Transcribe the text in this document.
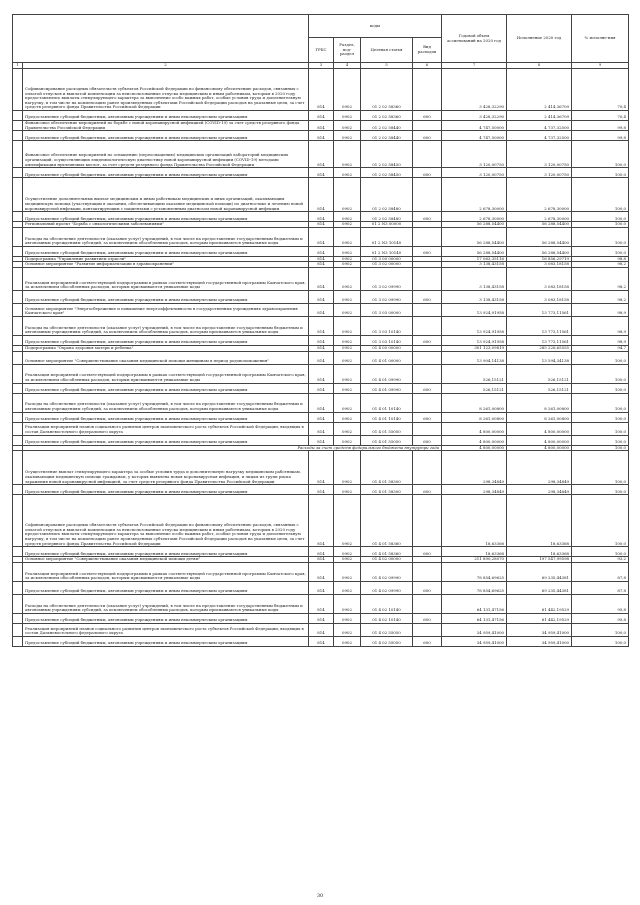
		коды				Годовой объем ассигнований на 2020 год	Исполнение 2020 год	% исполне-ния
		ГРБС	Раздел, под-раздел	Целевая статья	Вид расходов			
1	2	3	4	5	6	7	8	9
	Софинансирование расходных обязательств субъектов Российской Федерации по финансовому обеспечению расходов, связанных с оплатой отпусков и выплатой компенсации за неиспользованные отпуска медицинским и иным работникам, которым в 2020 году предоставлялись выплаты стимулирующего характера за выполнение особо важных работ, особые условия труда и дополнительную нагрузку, в том числе на компенсацию ранее произведенных субъектами Российской Федерации расходов на указанные цели, за счет средств резервного фонда Правительства Российской Федерации	814	0902	01 2 02 58360		3 428,32290	2 414,36709	70,4
	Предоставление субсидий бюджетным, автономным учреждениям и иным некоммерческим организациям	814	0902	01 2 02 58360	600	3 428,32290	2 414,36709	70,4
	Финансовое обеспечение мероприятий по борьбе с новой коронавирусной инфекцией (COVID-19) за счет средств резервного фонда Правительства Российской Федерации	814	0902	01 2 02 58440		4 747,50000	4 737,32500	99,8
	Предоставление субсидий бюджетным, автономным учреждениям и иным некоммерческим организациям	814	0902	01 2 02 58440	600	4 747,50000	4 737,32500	99,8
	Финансовое обеспечение мероприятий по оснащению (переоснащению) медицинских организаций лабораторий медицинских организаций, осуществляющих эпидемиологическую диагностику новой коронавирусной инфекции (COVID-19) методами амплификации нуклеиновых кислот, за счет средств резервного фонда Правительства Российской Федерации	814	0902	01 2 02 58450		3 120,00750	3 120,00750	100,0
	Предоставление субсидий бюджетным, автономным учреждениям и иным некоммерческим организациям	814	0902	01 2 02 58450	600	3 120,00750	3 120,00750	100,0
	Осуществление дополнительных выплат медицинским и иным работникам медицинских и иных организаций, оказывающим медицинскую помощь (участвующим в оказании, обеспечивающим оказание медицинской помощи) по диагностике и лечению новой коронавирусной инфекции, контактирующим с пациентами с установленным диагнозом новой коронавирусной инфекции	814	0902	01 2 02 58480		2 678,30000	2 678,30000	100,0
	Предоставление субсидий бюджетным, автономным учреждениям и иным некоммерческим организациям	814	0902	01 2 02 58480	600	2 678,30000	2 678,30000	100,0
	Региональный проект "Борьба с онкологическими заболеваниями"	814	0902	01 2 N3 00000		56 288,54400	56 288,54400	100,0
	Расходы на обеспечение деятельности (оказание услуг) учреждений, в том числе на предоставление государственным бюджетным и автономным учреждениям субсидий, за исключением обособленных расходов, которым присваиваются уникальные коды	814	0902	01 2 N3 10140		56 288,54400	56 288,54400	100,0
	Предоставление субсидий бюджетным, автономным учреждениям и иным некоммерческим организациям	814	0902	01 2 N3 10140	600	56 288,54400	56 288,54400	100,0
	Подпрограмма "Управление развитием отрасли"	814	0902	01 3 00 00000		17 063,35116	16 856,29719	98,8
	Основное мероприятие "Развитие информатизации в здравоохранении"	814	0902	01 3 02 00000		3 138,43158	3 083,18158	98,2
	Реализация мероприятий соответствующей подпрограммы в рамках соответствующей государственной программы Камчатского края, за исключением обособленных расходов, которым присваиваются уникальные коды	814	0902	01 3 02 09990		3 138,43158	3 083,18158	98,2
	Предоставление субсидий бюджетным, автономным учреждениям и иным некоммерческим организациям	814	0902	01 3 02 09990	600	3 138,43158	3 083,18158	98,2
	Основное мероприятие "Энергосбережение и повышение энергоэффективности в государственных учреждениях здравоохранения Камчатского края"	814	0902	01 3 03 00000		13 924,91958	13 773,11561	98,9
	Расходы на обеспечение деятельности (оказание услуг) учреждений, в том числе на предоставление государственным бюджетным и автономным учреждениям субсидий, за исключением обособленных расходов, которым присваиваются уникальные коды	814	0902	01 3 03 10140		13 924,91958	13 773,11561	98,9
	Предоставление субсидий бюджетным, автономным учреждениям и иным некоммерческим организациям	814	0902	01 3 03 10140	600	13 924,91958	13 773,11561	98,9
	Подпрограмма "Охрана здоровья матери и ребенка"	814	0902	01 4 00 00000		301 123,09819	285 226,65555	94,7
	Основное мероприятие "Совершенствование оказания медицинской помощи женщинам в период родовспоможения"	814	0902	01 4 01 00000		13 904,14138	13 594,34138	100,0
	Реализация мероприятий соответствующей подпрограммы в рамках соответствующей государственной программы Камчатского края, за исключением обособленных расходов, которым присваиваются уникальные коды	814	0902	01 4 01 09990		526,15121	526,15121	100,0
	Предоставление субсидий бюджетным, автономным учреждениям и иным некоммерческим организациям	814	0902	01 4 01 09990	600	526,15121	526,15121	100,0
	Расходы на обеспечение деятельности (оказание услуг) учреждений, в том числе на предоставление государственным бюджетным и автономным учреждениям субсидий, за исключением обособленных расходов, которым присваиваются уникальные коды	814	0902	01 4 01 10140		8 261,00800	8 261,00800	100,0
	Предоставление субсидий бюджетным, автономным учреждениям и иным некоммерческим организациям	814	0902	01 4 01 10140	600	8 261,00800	8 261,00800	100,0
	Реализация мероприятий планов социального развития центров экономического роста субъектов Российской Федерации, входящих в состав Дальневосточного федерального округа	814	0902	01 4 01 55050		4 800,00000	4 800,00000	100,0
	Предоставление субсидий бюджетным, автономным учреждениям и иным некоммерческим организациям	814	0902	01 4 01 55050	600	4 800,00000	4 800,00000	100,0
	Расходы за счет средств федерального бюджета внутрутри года					4 800,00000	4 800,00000	100,0
	Осуществление выплат стимулирующего характера за особые условия труда и дополнительную нагрузку медицинским работникам, оказывающим медицинскую помощь гражданам, у которых выявлена новая коронавирусная инфекция, и лицам из групп риска заражения новой коронавирусной инфекцией, за счет средств резервного фонда Правительства Российской Федерации	814	0902	01 4 01 58300		298,34849	298,34849	100,0
	Предоставление субсидий бюджетным, автономным учреждениям и иным некоммерческим организациям	814	0902	01 4 01 58300	600	298,34849	298,34849	100,0
	Софинансирование расходных обязательств субъектов Российской Федерации по финансовому обеспечению расходов, связанных с оплатой отпусков и выплатой компенсации за неиспользованные отпуска медицинским и иным работникам, которым в 2020 году предоставлялись выплаты стимулирующего характера за выполнение особо важных работ, особые условия труда и дополнительную нагрузку, в том числе на компенсацию ранее произведенных субъектами Российской Федерации расходов на указанные цели, за счет средств резервного фонда Правительства Российской Федерации	814	0902	01 4 01 58360		18,63368	18,63368	100,0
	Предоставление субсидий бюджетным, автономным учреждениям и иным некоммерческим организациям	814	0902	01 4 01 58360	600	18,63368	18,63368	100,0
	Основное мероприятие "Совершенствование оказания медицинской помощи детям"	814	0902	01 4 02 00000		211 890,28070	197 547,99598	93,2
	Реализация мероприятий соответствующей подпрограммы в рамках соответствующей государственной программы Камчатского края, за исключением обособленных расходов, которым присваиваются уникальные коды	814	0902	01 4 02 09990		78 854,69625	69 235,44381	87,8
	Предоставление субсидий бюджетным, автономным учреждениям и иным некоммерческим организациям	814	0902	01 4 02 09990	600	78 854,69625	69 235,44381	87,8
	Расходы на обеспечение деятельности (оказание услуг) учреждений, в том числе на предоставление государственным бюджетным и автономным учреждениям субсидий, за исключением обособленных расходов, которым присваиваются уникальные коды	814	0902	01 4 02 10140		64 131,47156	61 442,19529	95,8
	Предоставление субсидий бюджетным, автономным учреждениям и иным некоммерческим организациям	814	0902	01 4 02 10140	600	64 131,47156	61 442,19529	95,8
	Реализация мероприятий планов социального развития центров экономического роста субъектов Российской Федерации, входящих в состав Дальневосточного федерального округа	814	0902	01 4 02 55050		34 959,41000	34 959,41000	100,0
	Предоставление субсидий бюджетным, автономным учреждениям и иным некоммерческим организациям	814	0902	01 4 02 55050	600	34 959,41000	34 959,41000	100,0
30
